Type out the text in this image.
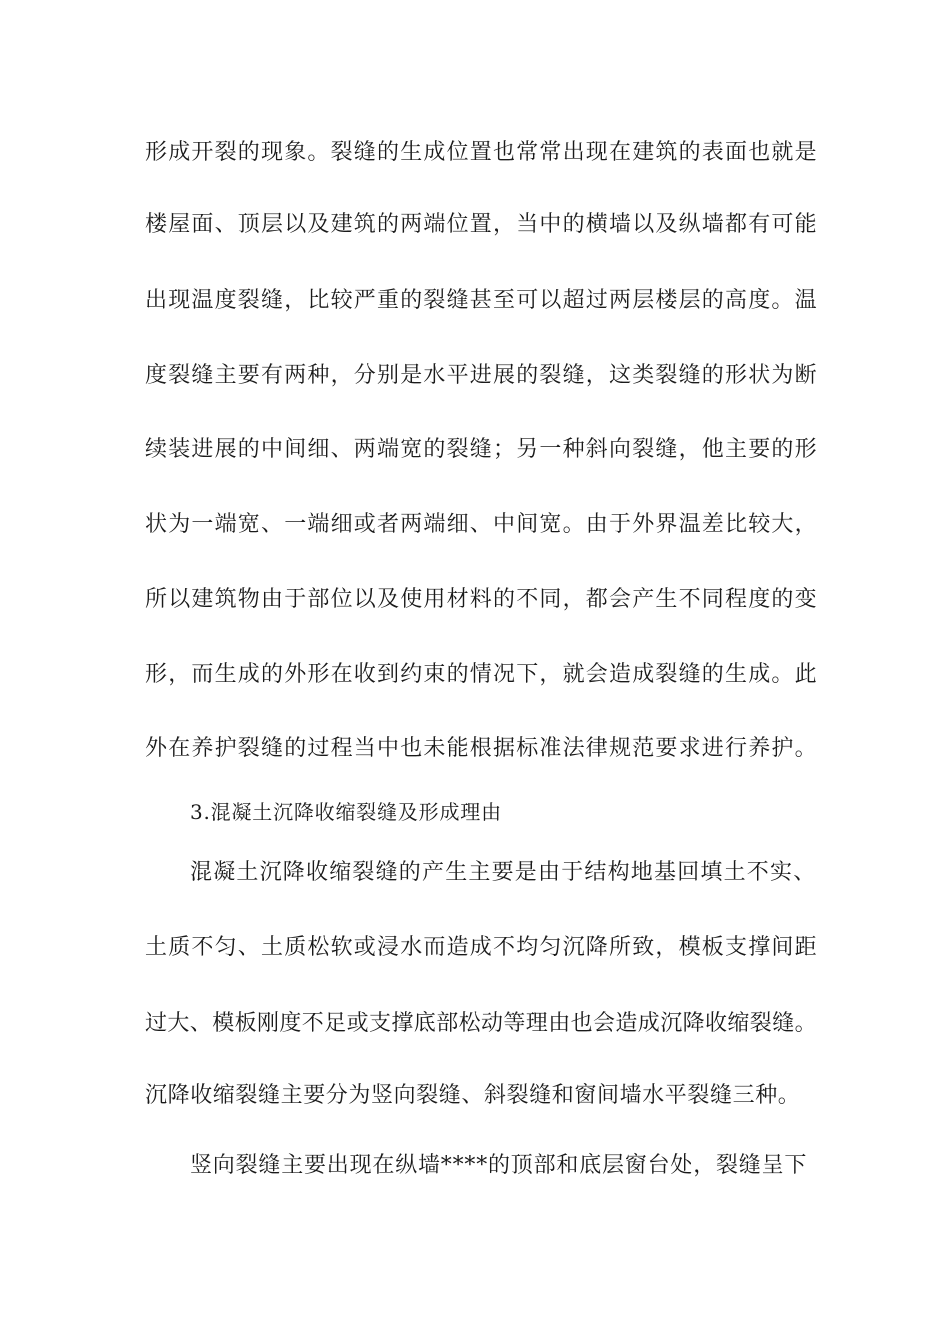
形成开裂的现象。裂缝的生成位置也常常出现在建筑的表面也就是
楼屋面、顶层以及建筑的两端位置，当中的横墙以及纵墙都有可能
出现温度裂缝，比较严重的裂缝甚至可以超过两层楼层的高度。温
度裂缝主要有两种，分别是水平进展的裂缝，这类裂缝的形状为断
续装进展的中间细、两端宽的裂缝；另一种斜向裂缝，他主要的形
状为一端宽、一端细或者两端细、中间宽。由于外界温差比较大，
所以建筑物由于部位以及使用材料的不同，都会产生不同程度的变
形，而生成的外形在收到约束的情况下，就会造成裂缝的生成。此
外在养护裂缝的过程当中也未能根据标准法律规范要求进行养护。
3.混凝土沉降收缩裂缝及形成理由
混凝土沉降收缩裂缝的产生主要是由于结构地基回填土不实、
土质不匀、土质松软或浸水而造成不均匀沉降所致，模板支撑间距
过大、模板刚度不足或支撑底部松动等理由也会造成沉降收缩裂缝。
沉降收缩裂缝主要分为竖向裂缝、斜裂缝和窗间墙水平裂缝三种。
竖向裂缝主要出现在纵墙****的顶部和底层窗台处，裂缝呈下
